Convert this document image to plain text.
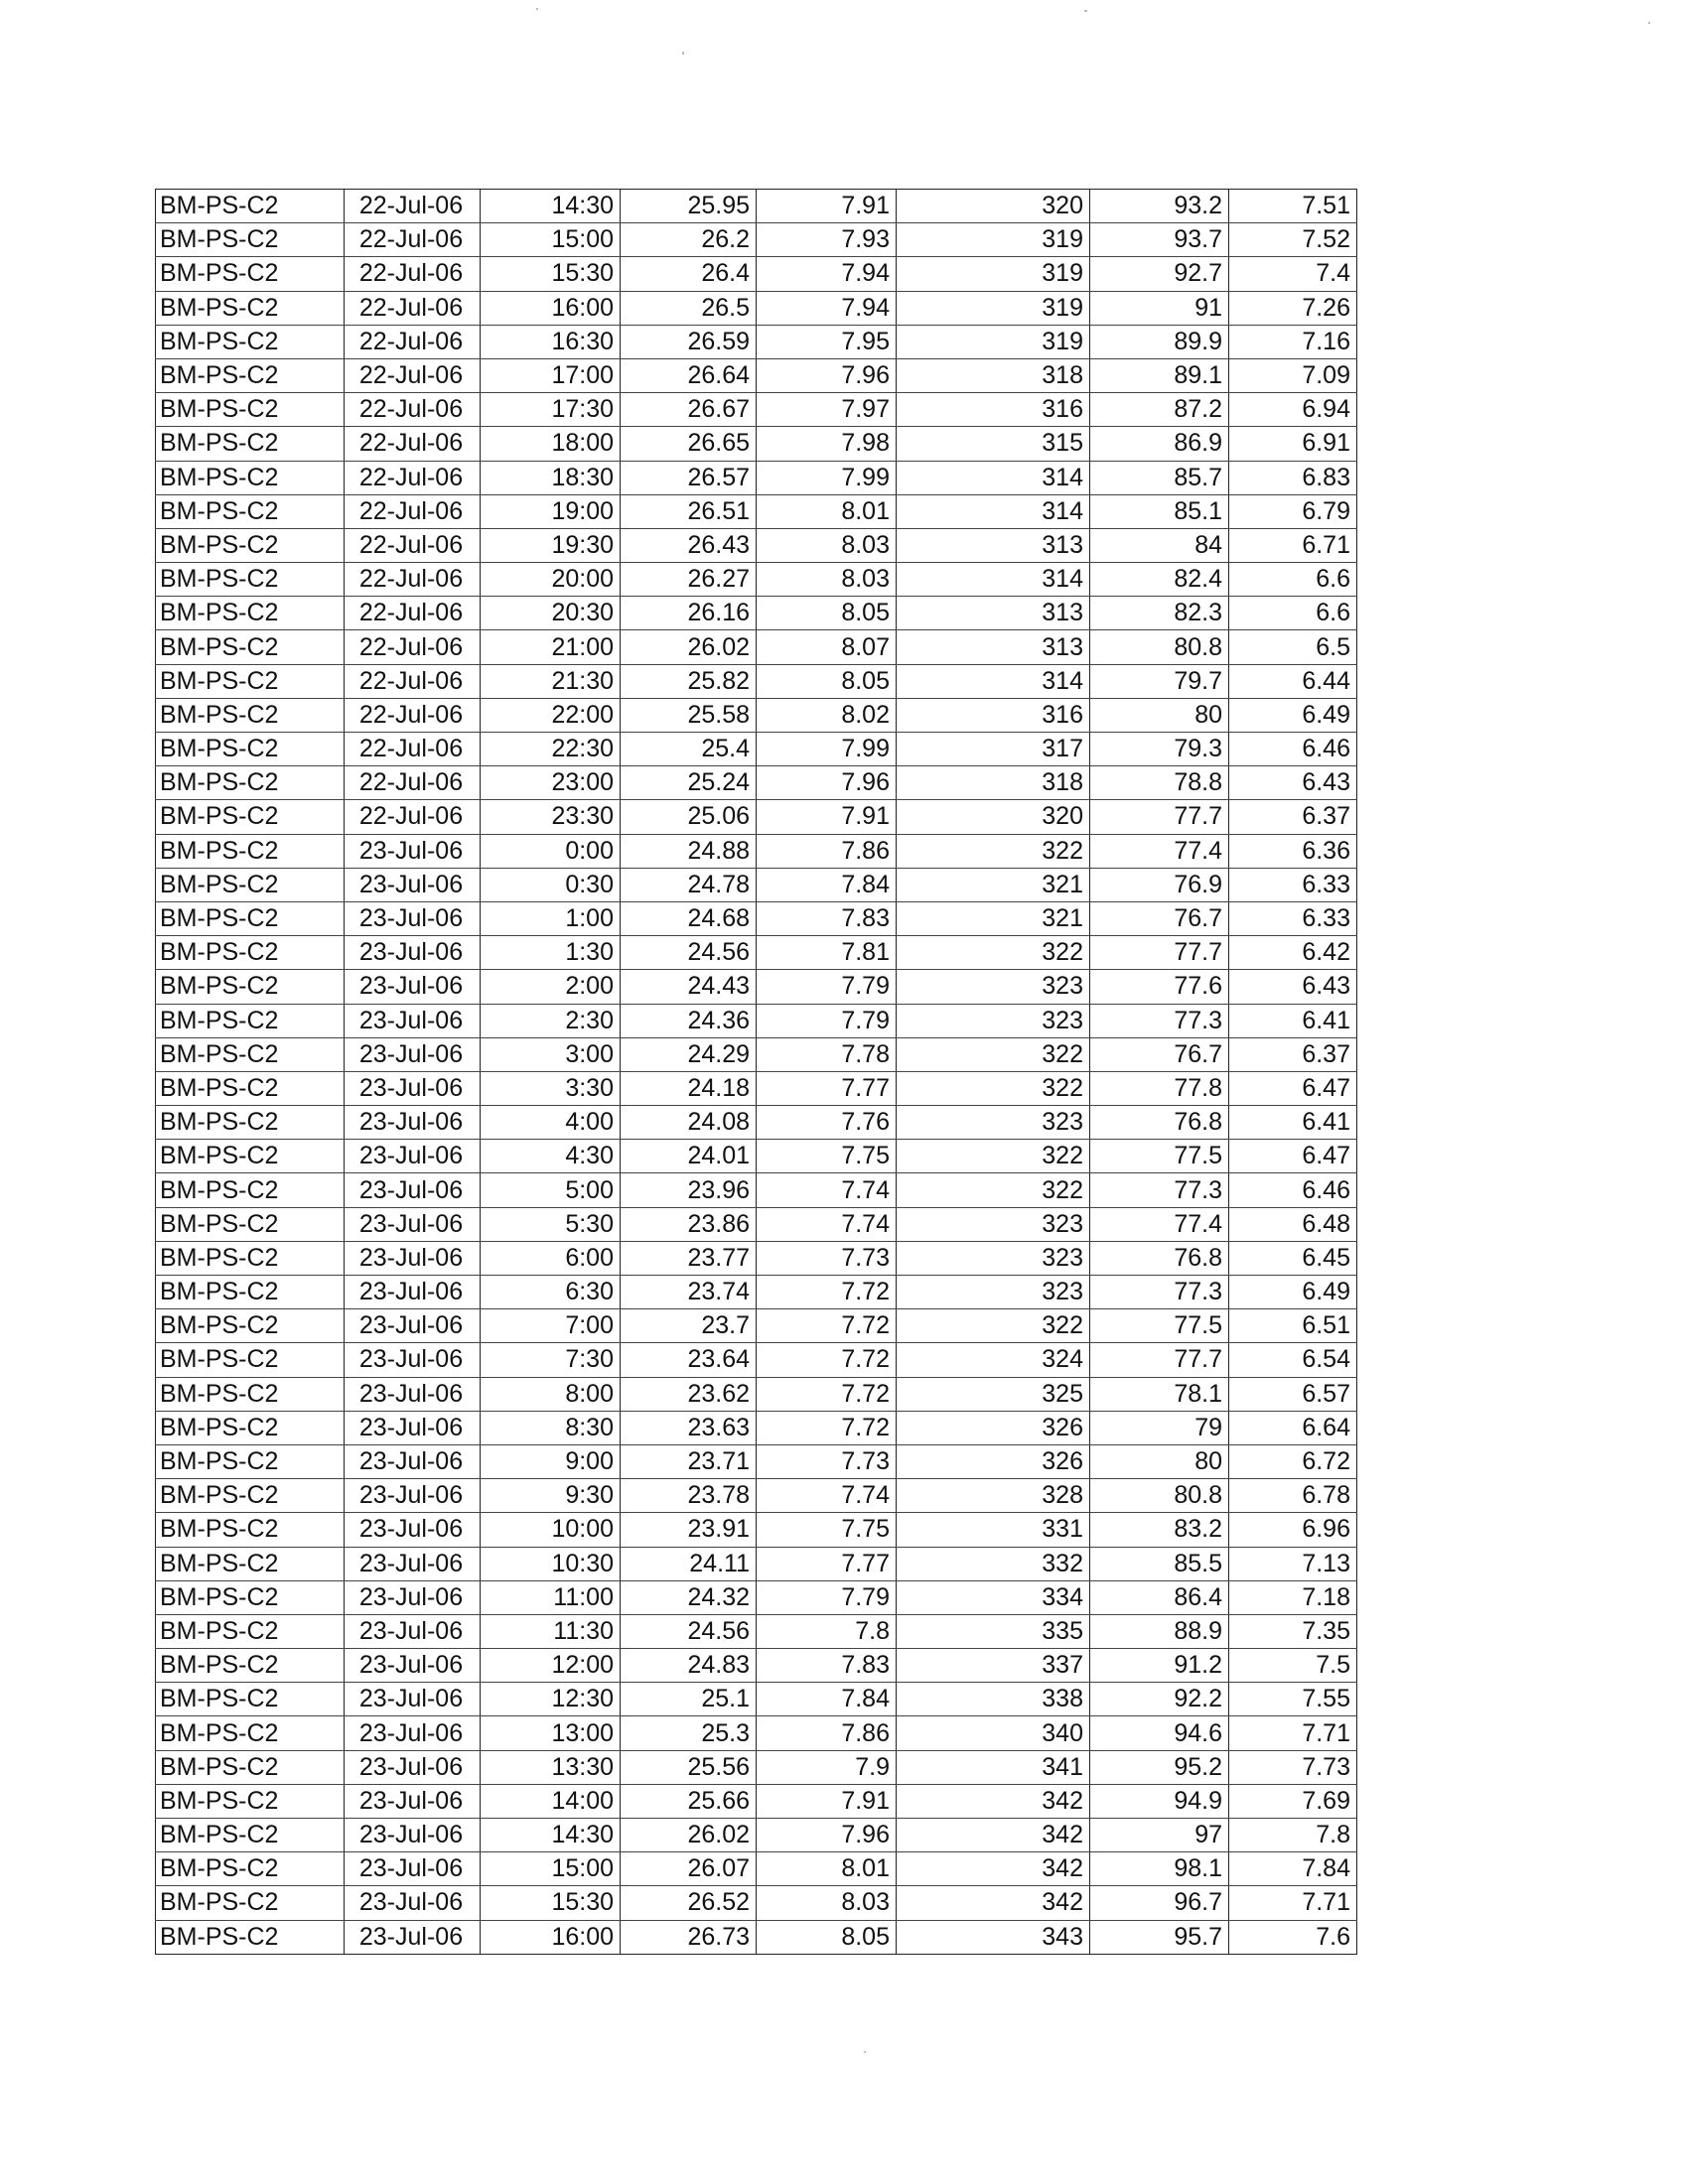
BM-PS-C2	22-Jul-06	14:30	25.95	7.91	320	93.2	7.51
BM-PS-C2	22-Jul-06	15:00	26.2	7.93	319	93.7	7.52
BM-PS-C2	22-Jul-06	15:30	26.4	7.94	319	92.7	7.4
BM-PS-C2	22-Jul-06	16:00	26.5	7.94	319	91	7.26
BM-PS-C2	22-Jul-06	16:30	26.59	7.95	319	89.9	7.16
BM-PS-C2	22-Jul-06	17:00	26.64	7.96	318	89.1	7.09
BM-PS-C2	22-Jul-06	17:30	26.67	7.97	316	87.2	6.94
BM-PS-C2	22-Jul-06	18:00	26.65	7.98	315	86.9	6.91
BM-PS-C2	22-Jul-06	18:30	26.57	7.99	314	85.7	6.83
BM-PS-C2	22-Jul-06	19:00	26.51	8.01	314	85.1	6.79
BM-PS-C2	22-Jul-06	19:30	26.43	8.03	313	84	6.71
BM-PS-C2	22-Jul-06	20:00	26.27	8.03	314	82.4	6.6
BM-PS-C2	22-Jul-06	20:30	26.16	8.05	313	82.3	6.6
BM-PS-C2	22-Jul-06	21:00	26.02	8.07	313	80.8	6.5
BM-PS-C2	22-Jul-06	21:30	25.82	8.05	314	79.7	6.44
BM-PS-C2	22-Jul-06	22:00	25.58	8.02	316	80	6.49
BM-PS-C2	22-Jul-06	22:30	25.4	7.99	317	79.3	6.46
BM-PS-C2	22-Jul-06	23:00	25.24	7.96	318	78.8	6.43
BM-PS-C2	22-Jul-06	23:30	25.06	7.91	320	77.7	6.37
BM-PS-C2	23-Jul-06	0:00	24.88	7.86	322	77.4	6.36
BM-PS-C2	23-Jul-06	0:30	24.78	7.84	321	76.9	6.33
BM-PS-C2	23-Jul-06	1:00	24.68	7.83	321	76.7	6.33
BM-PS-C2	23-Jul-06	1:30	24.56	7.81	322	77.7	6.42
BM-PS-C2	23-Jul-06	2:00	24.43	7.79	323	77.6	6.43
BM-PS-C2	23-Jul-06	2:30	24.36	7.79	323	77.3	6.41
BM-PS-C2	23-Jul-06	3:00	24.29	7.78	322	76.7	6.37
BM-PS-C2	23-Jul-06	3:30	24.18	7.77	322	77.8	6.47
BM-PS-C2	23-Jul-06	4:00	24.08	7.76	323	76.8	6.41
BM-PS-C2	23-Jul-06	4:30	24.01	7.75	322	77.5	6.47
BM-PS-C2	23-Jul-06	5:00	23.96	7.74	322	77.3	6.46
BM-PS-C2	23-Jul-06	5:30	23.86	7.74	323	77.4	6.48
BM-PS-C2	23-Jul-06	6:00	23.77	7.73	323	76.8	6.45
BM-PS-C2	23-Jul-06	6:30	23.74	7.72	323	77.3	6.49
BM-PS-C2	23-Jul-06	7:00	23.7	7.72	322	77.5	6.51
BM-PS-C2	23-Jul-06	7:30	23.64	7.72	324	77.7	6.54
BM-PS-C2	23-Jul-06	8:00	23.62	7.72	325	78.1	6.57
BM-PS-C2	23-Jul-06	8:30	23.63	7.72	326	79	6.64
BM-PS-C2	23-Jul-06	9:00	23.71	7.73	326	80	6.72
BM-PS-C2	23-Jul-06	9:30	23.78	7.74	328	80.8	6.78
BM-PS-C2	23-Jul-06	10:00	23.91	7.75	331	83.2	6.96
BM-PS-C2	23-Jul-06	10:30	24.11	7.77	332	85.5	7.13
BM-PS-C2	23-Jul-06	11:00	24.32	7.79	334	86.4	7.18
BM-PS-C2	23-Jul-06	11:30	24.56	7.8	335	88.9	7.35
BM-PS-C2	23-Jul-06	12:00	24.83	7.83	337	91.2	7.5
BM-PS-C2	23-Jul-06	12:30	25.1	7.84	338	92.2	7.55
BM-PS-C2	23-Jul-06	13:00	25.3	7.86	340	94.6	7.71
BM-PS-C2	23-Jul-06	13:30	25.56	7.9	341	95.2	7.73
BM-PS-C2	23-Jul-06	14:00	25.66	7.91	342	94.9	7.69
BM-PS-C2	23-Jul-06	14:30	26.02	7.96	342	97	7.8
BM-PS-C2	23-Jul-06	15:00	26.07	8.01	342	98.1	7.84
BM-PS-C2	23-Jul-06	15:30	26.52	8.03	342	96.7	7.71
BM-PS-C2	23-Jul-06	16:00	26.73	8.05	343	95.7	7.6
